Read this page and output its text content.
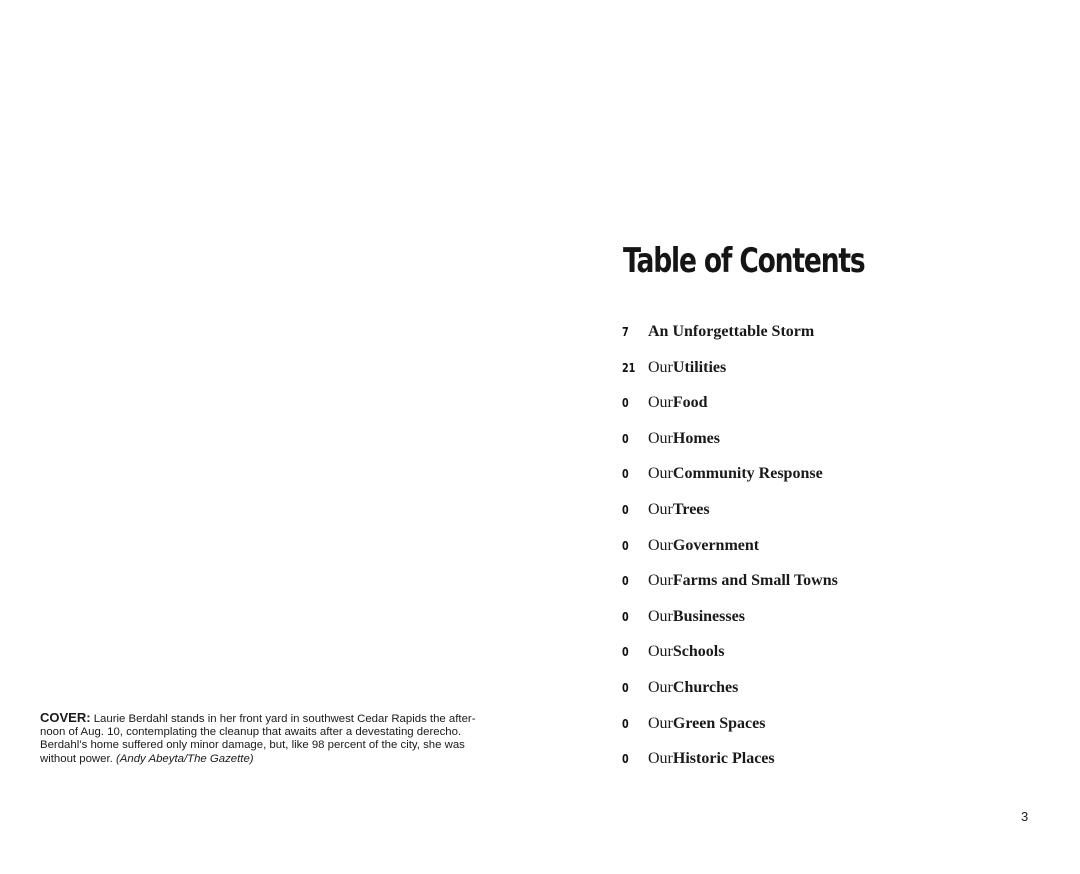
Table of Contents
7	An Unforgettable Storm
21 Our Utilities
0	Our Food
0	Our Homes
0	Our Community Response
0	Our Trees
0	Our Government
0	Our Farms and Small Towns
0	Our Businesses
0	Our Schools
0	Our Churches
0	Our Green Spaces
0	Our Historic Places

COVER: Laurie Berdahl stands in her front yard in southwest Cedar Rapids the after-
noon of Aug. 10, contemplating the cleanup that awaits after a devestating derecho.
Berdahl’s home suffered only minor damage, but, like 98 percent of the city, she was
without power. (Andy Abeyta/The Gazette)

3
